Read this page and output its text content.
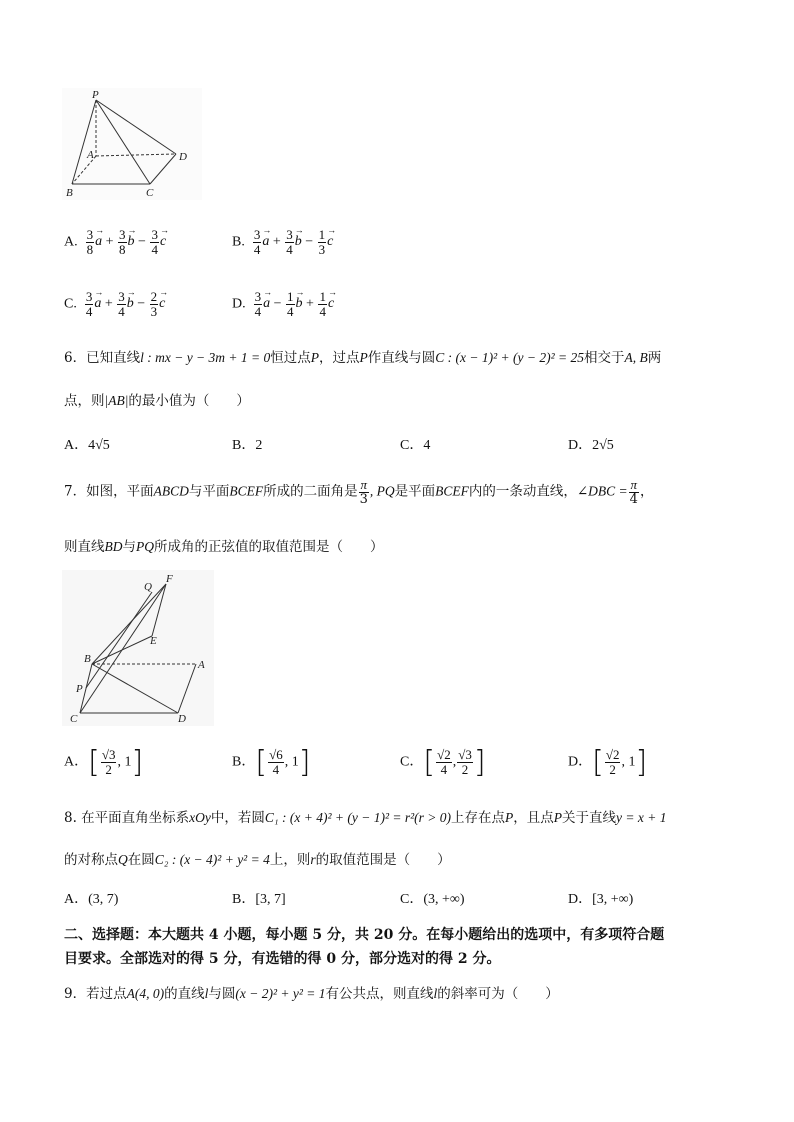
P
A
B	C
D
A. $\frac{3}{8}$
→ $a + \frac{3}{8}$
→ $b - \frac{3}{4}$
→ c	B. $\frac{3}{4}$
→ $a + \frac{3}{4}$
→ $b - \frac{1}{3}$
→ c
C. $\frac{3}{4}$
→ $a + \frac{3}{4}$
→ $b - \frac{2}{3}$
→ c	D. $\frac{3}{4}$
→ $a - \frac{1}{4}$
→ $b + \frac{1}{4}$
→ c
6．已知直线l : mx − y − 3m + 1 = 0恒过点P，过点P作直线与圆C : (x − 1)² + (y − 2)² = 25相交于A, B两
点，则|AB|的最小值为（　　）
A．4√5	B．2	C．4	D．2√5
7．如图，平面ABCD与平面BCEF所成的二面角是 $\frac{\pi}{3}$ , PQ是平面BCEF内的一条动直线，∠DBC = $\frac{\pi}{4}$ ，
则直线BD与PQ所成角的正弦值的取值范围是（　　）
Q
F
E
B	A
P
C	D
A．[ $\frac{√3}{2}$ , 1]	B．[ $\frac{√6}{4}$ , 1]	C．[ $\frac{√2}{4}$ , $\frac{√3}{2}$ ]	D．[ $\frac{√2}{2}$ , 1]
8. 在平面直角坐标系xOy中，若圆C₁ : (x + 4)² + (y − 1)² = r²(r > 0)上存在点P，且点P关于直线y = x + 1
的对称点Q在圆C₂ : (x − 4)² + y² = 4上，则r的取值范围是（　　）
A．(3, 7)	B．[3, 7]	C．(3, +∞)	D．[3, +∞)
二、选择题：本大题共 4 小题，每小题 5 分，共 20 分。在每小题给出的选项中，有多项符合题
目要求。全部选对的得 5 分，有选错的得 0 分，部分选对的得 2 分。
9．若过点A(4, 0)的直线l与圆(x − 2)² + y² = 1有公共点，则直线l的斜率可为（　　）
